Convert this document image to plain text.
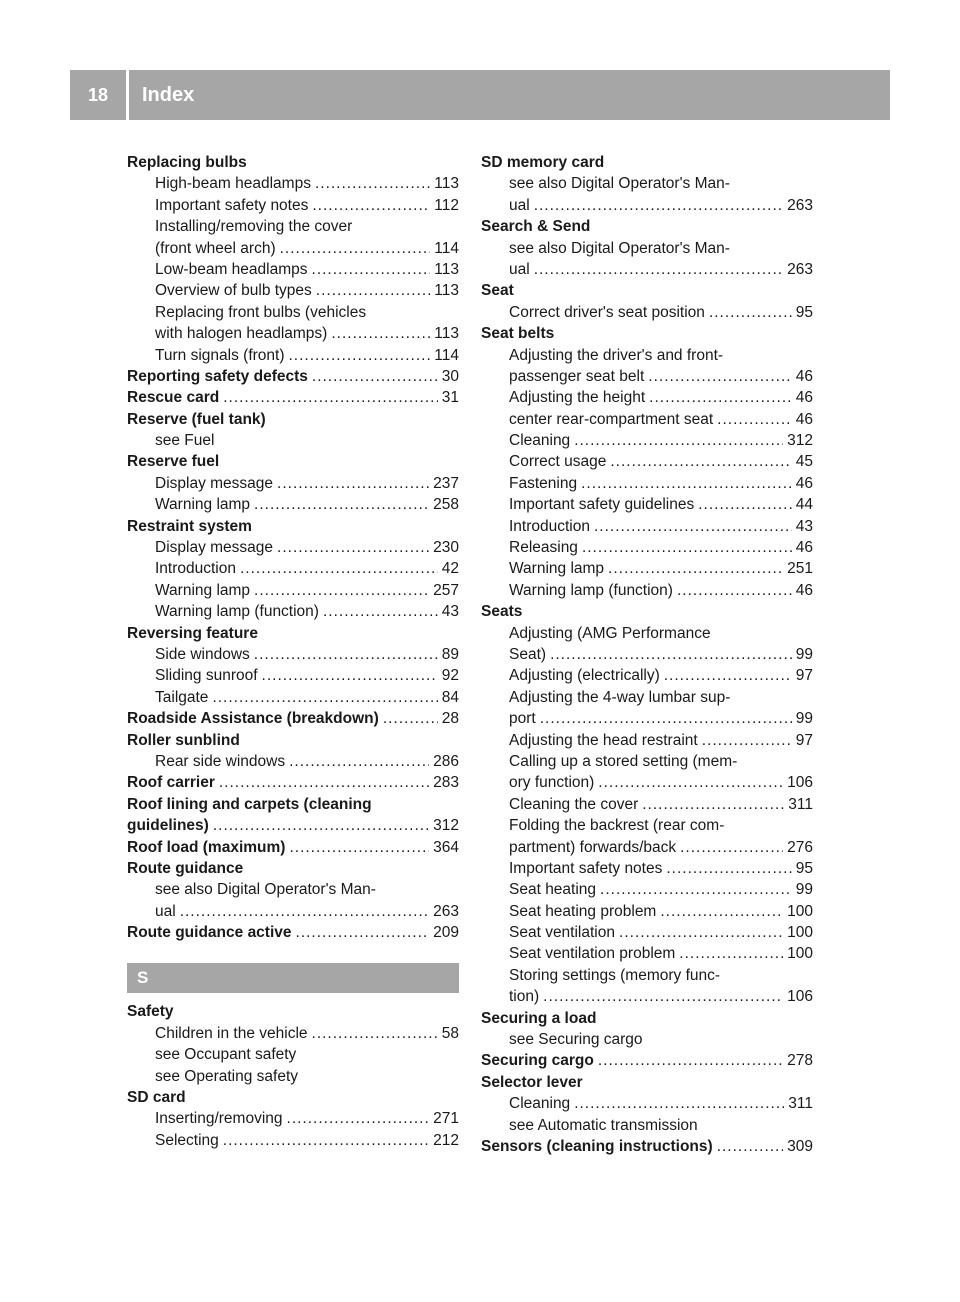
18	Index
Replacing bulbs
High-beam headlamps .....	113
Important safety notes .....	112
Installing/removing the cover
(front wheel arch) .....	114
Low-beam headlamps .....	113
Overview of bulb types .....	113
Replacing front bulbs (vehicles
with halogen headlamps) .....	113
Turn signals (front) .....	114
Reporting safety defects .....	30
Rescue card .....	31
Reserve (fuel tank)
see Fuel
Reserve fuel
Display message .....	237
Warning lamp .....	258
Restraint system
Display message .....	230
Introduction .....	42
Warning lamp .....	257
Warning lamp (function) .....	43
Reversing feature
Side windows .....	89
Sliding sunroof .....	92
Tailgate .....	84
Roadside Assistance (breakdown) .....	28
Roller sunblind
Rear side windows .....	286
Roof carrier .....	283
Roof lining and carpets (cleaning
guidelines) .....	312
Roof load (maximum) .....	364
Route guidance
see also Digital Operator's Man-
ual .....	263
Route guidance active .....	209
S
Safety
Children in the vehicle .....	58
see Occupant safety
see Operating safety
SD card
Inserting/removing .....	271
Selecting .....	212
SD memory card
see also Digital Operator's Man-
ual .....	263
Search & Send
see also Digital Operator's Man-
ual .....	263
Seat
Correct driver's seat position .....	95
Seat belts
Adjusting the driver's and front-
passenger seat belt .....	46
Adjusting the height .....	46
center rear-compartment seat .....	46
Cleaning .....	312
Correct usage .....	45
Fastening .....	46
Important safety guidelines .....	44
Introduction .....	43
Releasing .....	46
Warning lamp .....	251
Warning lamp (function) .....	46
Seats
Adjusting (AMG Performance
Seat) .....	99
Adjusting (electrically) .....	97
Adjusting the 4-way lumbar sup-
port .....	99
Adjusting the head restraint .....	97
Calling up a stored setting (mem-
ory function) .....	106
Cleaning the cover .....	311
Folding the backrest (rear com-
partment) forwards/back .....	276
Important safety notes .....	95
Seat heating .....	99
Seat heating problem .....	100
Seat ventilation .....	100
Seat ventilation problem .....	100
Storing settings (memory func-
tion) .....	106
Securing a load
see Securing cargo
Securing cargo .....	278
Selector lever
Cleaning .....	311
see Automatic transmission
Sensors (cleaning instructions) .....	309
